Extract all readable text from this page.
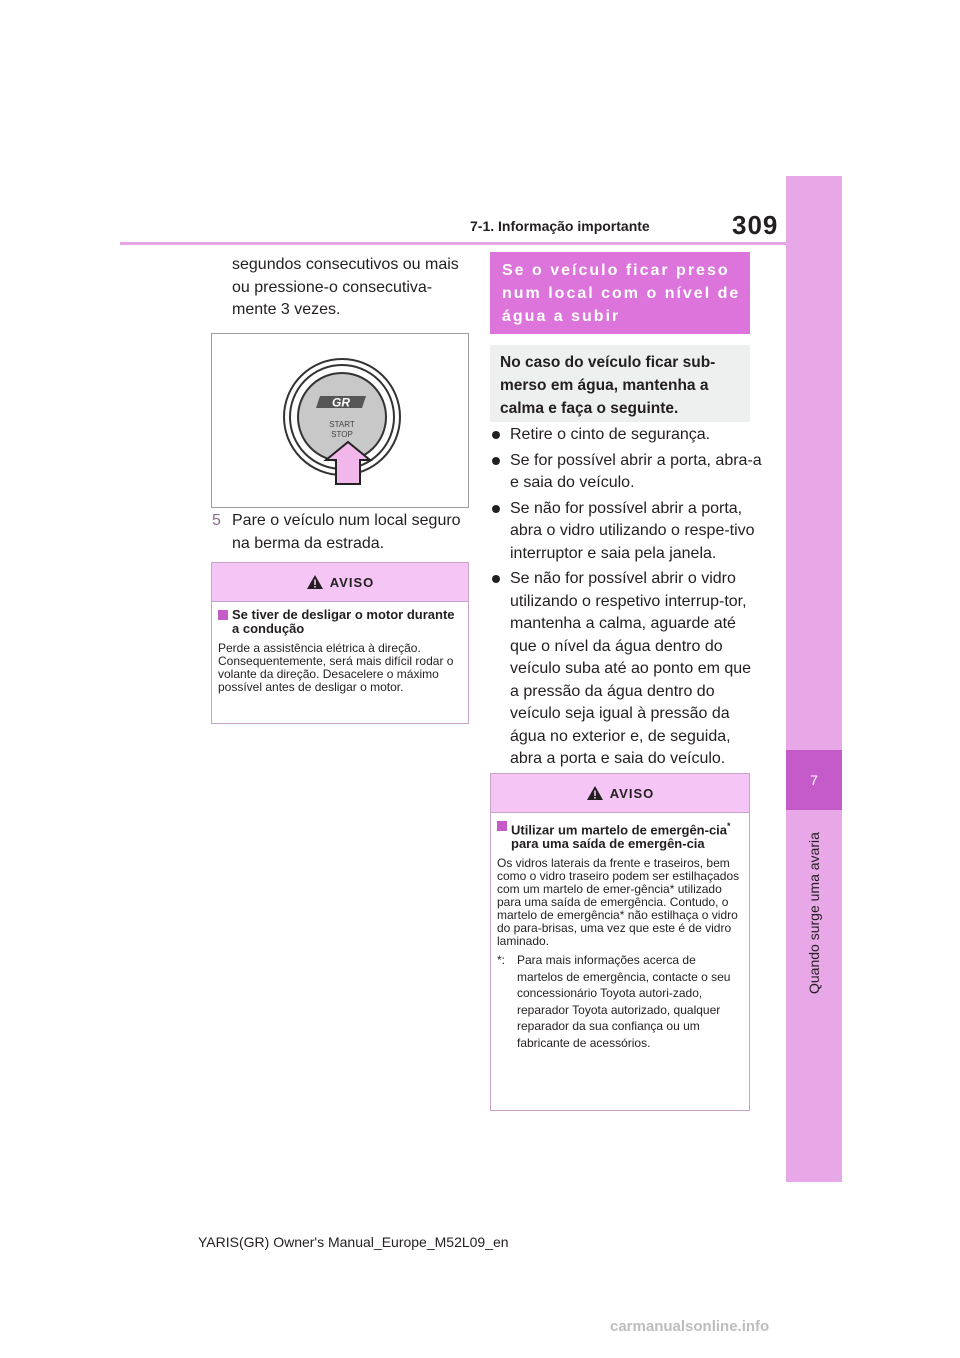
7-1. Informação importante	309
7
Quando surge uma avaria
segundos consecutivos ou mais ou pressione-o consecutiva-mente 3 vezes.
GR
START
STOP
5 Pare o veículo num local seguro na berma da estrada.
AVISO
Se tiver de desligar o motor durante a condução
Perde a assistência elétrica à direção. Consequentemente, será mais difícil rodar o volante da direção. Desacelere o máximo possível antes de desligar o motor.
Se o veículo ficar preso num local com o nível de água a subir
No caso do veículo ficar sub-merso em água, mantenha a calma e faça o seguinte.
Retire o cinto de segurança.
Se for possível abrir a porta, abra-a e saia do veículo.
Se não for possível abrir a porta, abra o vidro utilizando o respe-tivo interruptor e saia pela janela.
Se não for possível abrir o vidro utilizando o respetivo interrup-tor, mantenha a calma, aguarde até que o nível da água dentro do veículo suba até ao ponto em que a pressão da água dentro do veículo seja igual à pressão da água no exterior e, de seguida, abra a porta e saia do veículo.
AVISO
Utilizar um martelo de emergên-cia* para uma saída de emergên-cia
Os vidros laterais da frente e traseiros, bem como o vidro traseiro podem ser estilhaçados com um martelo de emer-gência* utilizado para uma saída de emergência. Contudo, o martelo de emergência* não estilhaça o vidro do para-brisas, uma vez que este é de vidro laminado.
*: Para mais informações acerca de martelos de emergência, contacte o seu concessionário Toyota autori-zado, reparador Toyota autorizado, qualquer reparador da sua confiança ou um fabricante de acessórios.
YARIS(GR) Owner's Manual_Europe_M52L09_en
carmanualsonline.info
